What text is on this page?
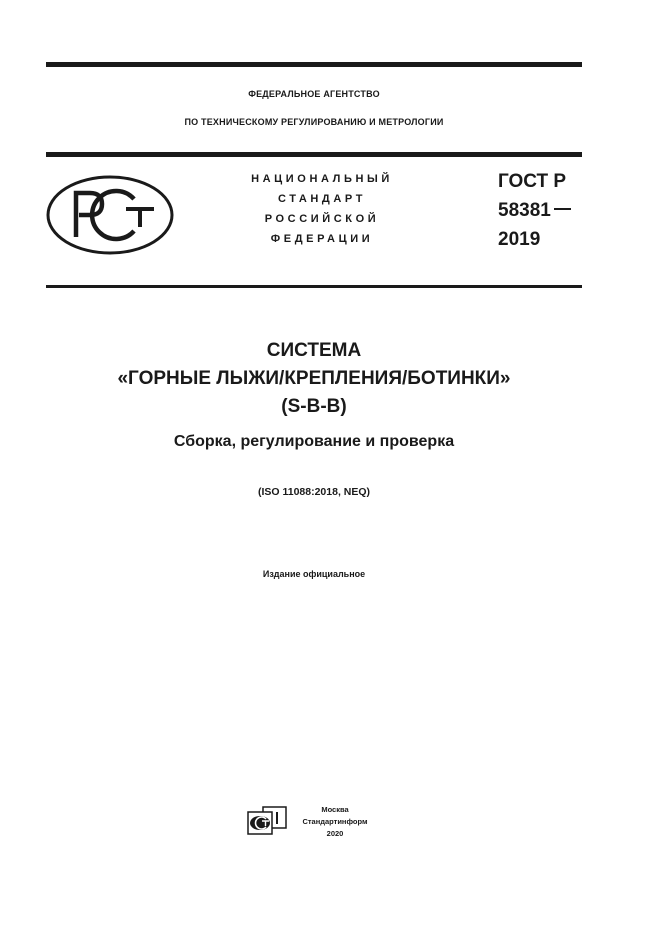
ФЕДЕРАЛЬНОЕ АГЕНТСТВО
ПО ТЕХНИЧЕСКОМУ РЕГУЛИРОВАНИЮ И МЕТРОЛОГИИ
НАЦИОНАЛЬНЫЙ
СТАНДАРТ
РОССИЙСКОЙ
ФЕДЕРАЦИИ
ГОСТ Р
58381
2019
СИСТЕМА
«ГОРНЫЕ ЛЫЖИ/КРЕПЛЕНИЯ/БОТИНКИ»
(S-B-B)
Сборка, регулирование и проверка
(ISO 11088:2018, NEQ)
Издание официальное
Москва
Стандартинформ
2020
